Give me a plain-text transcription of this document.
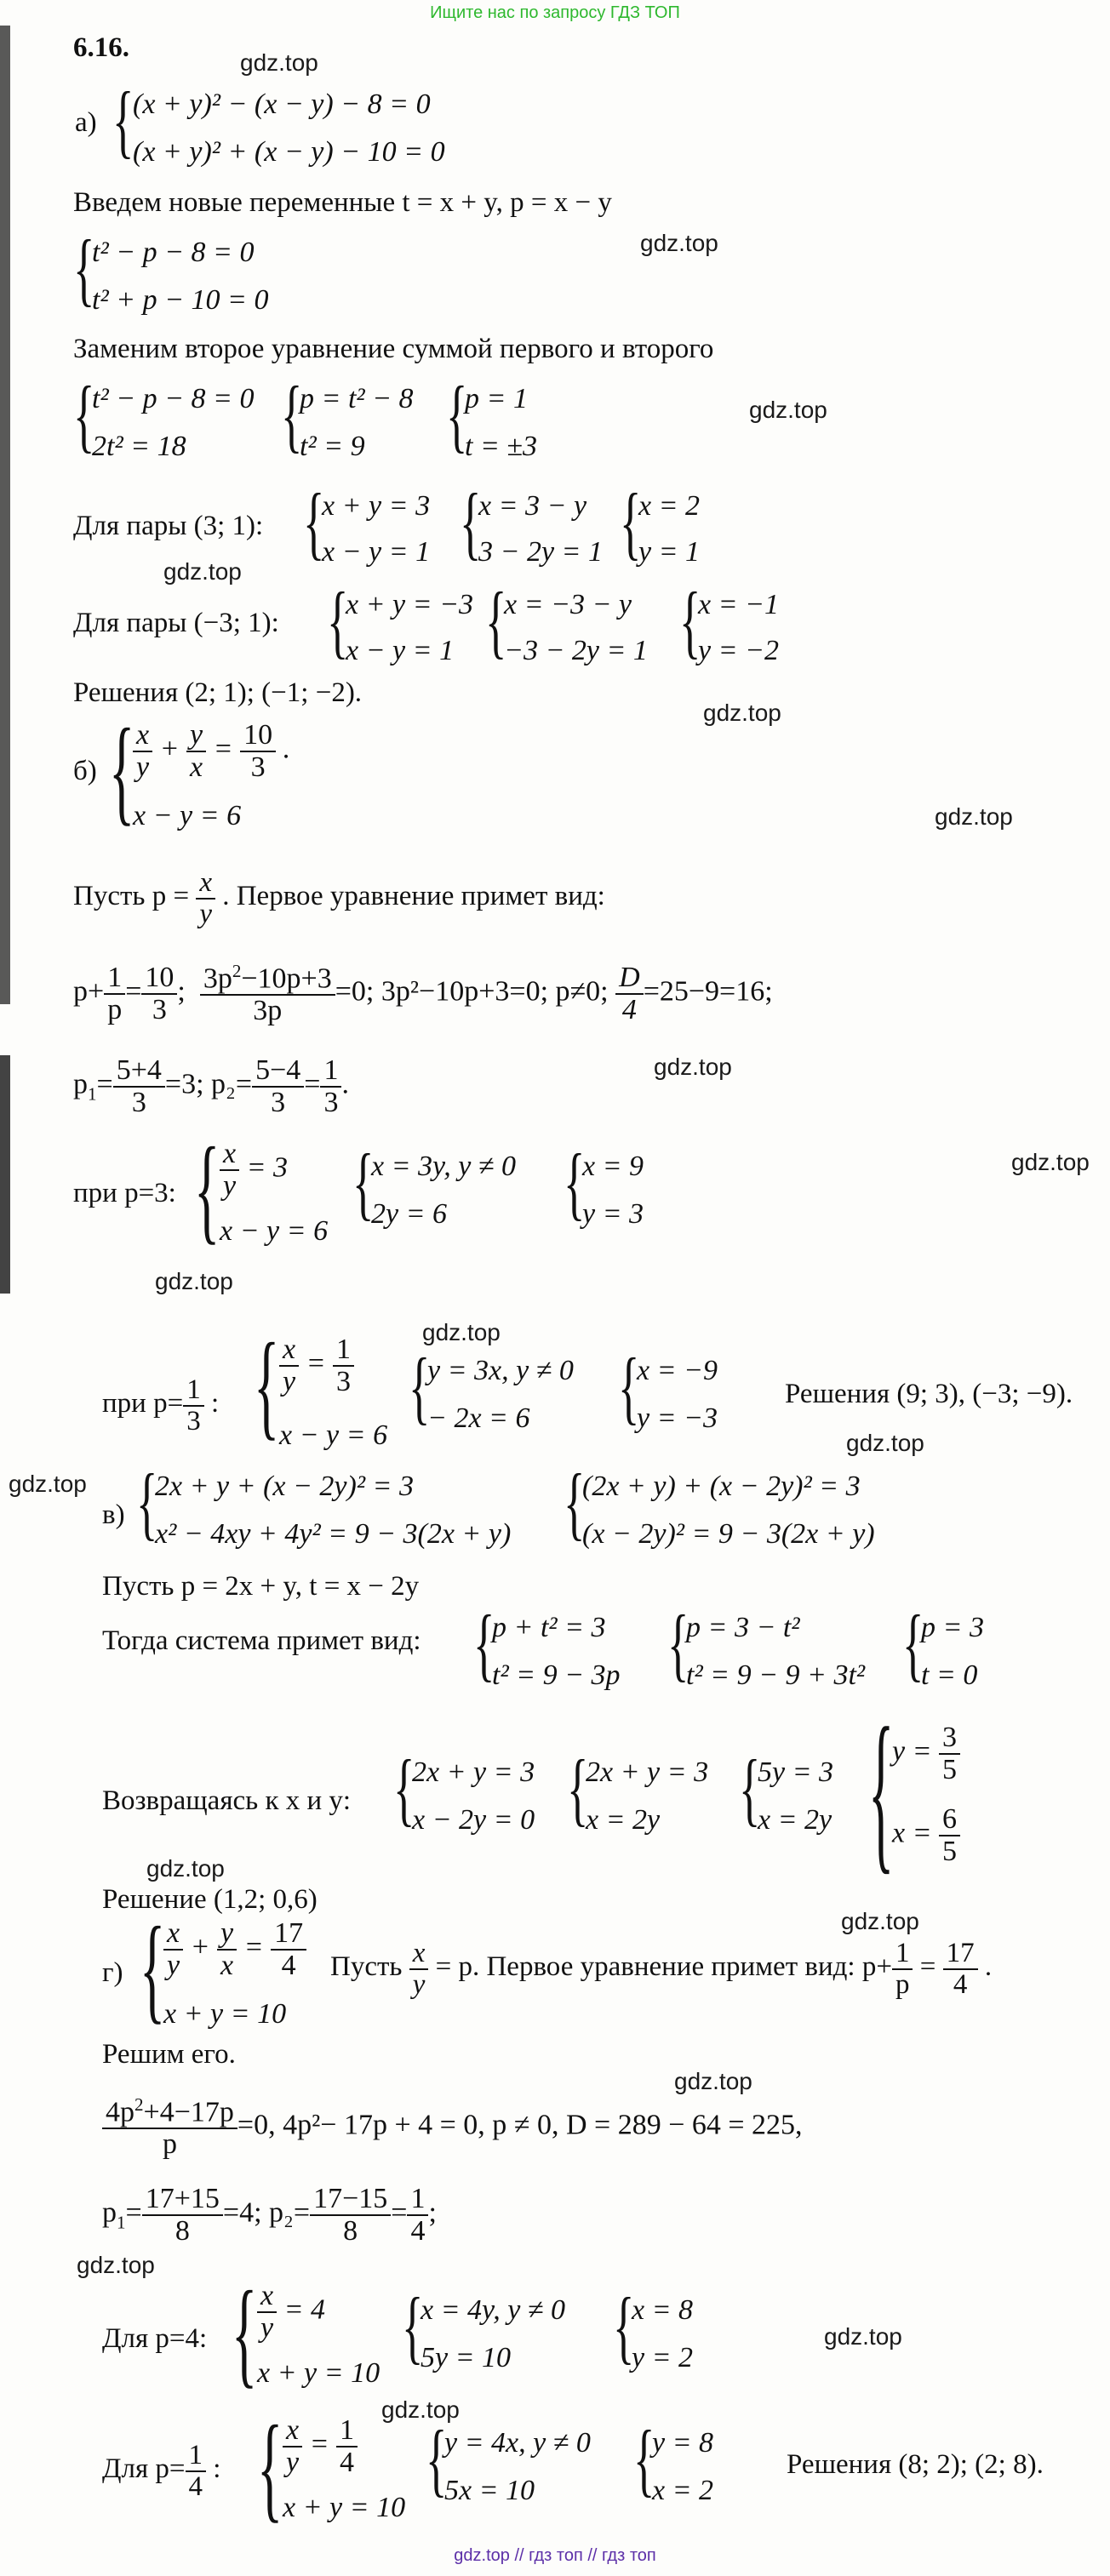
Ищите нас по запросу ГДЗ ТОП
gdz.top
gdz.top
gdz.top
gdz.top
gdz.top
gdz.top
gdz.top
gdz.top
gdz.top
gdz.top
gdz.top
gdz.top
gdz.top
gdz.top
gdz.top
gdz.top
gdz.top
gdz.top
6.16.
а) {
(x + y)² − (x − y) − 8 = 0
(x + y)² + (x − y) − 10 = 0
Введем новые переменные t = x + y, p = x − y
{
t² − p − 8 = 0
t² + p − 10 = 0
Заменим второе уравнение суммой первого и второго
{
t² − p − 8 = 0
2t² = 18 {
p = t² − 8
t² = 9 {
p = 1
t = ±3
Для пары (3; 1): {
x + y = 3
x − y = 1 {
x = 3 − y
3 − 2y = 1 {
x = 2
y = 1
Для пары (−3; 1): {
x + y = −3
x − y = 1 {
x = −3 − y
−3 − 2y = 1 {
x = −1
y = −2
Решения (2; 1); (−1; −2).
б) {
$\frac{x}{y} + \frac{y}{x} = \frac{10}{3}$ .
x − y = 6
Пусть $p = \frac{x}{y}$ . Первое уравнение примет вид:
$p+ \frac{1}{p} = \frac{10}{3}$ ; $\frac{3p^2-10p+3}{3p} =0$; 3p²−10p+3=0; p≠0; $\frac{D}{4} =25-9=16$;
$p_1= \frac{5+4}{3} =3$; $p_2= \frac{5-4}{3} = \frac{1}{3}$ .
при p=3: { $\frac{x}{y} = 3$
x − y = 6
{
x = 3y, y ≠ 0
2y = 6 {
x = 9
y = 3
при $p= \frac{1}{3}$ : { $\frac{x}{y} = \frac{1}{3}$
x − y = 6
{
y = 3x, y ≠ 0
− 2x = 6 {
x = −9
y = −3
Решения (9; 3), (−3; −9).
в) {
2x + y + (x − 2y)² = 3
x² − 4xy + 4y² = 9 − 3(2x + y) {
(2x + y) + (x − 2y)² = 3
(x − 2y)² = 9 − 3(2x + y)
Пусть p = 2x + y, t = x − 2y
Тогда система примет вид: {
p + t² = 3
t² = 9 − 3p {
p = 3 − t²
t² = 9 − 9 + 3t² {
p = 3
t = 0
Возвращаясь к x и y: {
2x + y = 3
x − 2y = 0 {
2x + y = 3
x = 2y {
5y = 3
x = 2y {
$y = \frac{3}{5}$
$x = \frac{6}{5}$
Решение (1,2; 0,6)
г) {
$\frac{x}{y} + \frac{y}{x} = \frac{17}{4}$
x + y = 10
Пусть $\frac{x}{y} = p$. Первое уравнение примет вид: $p+ \frac{1}{p} = \frac{17}{4}$ .
Решим его.
$\frac{4p^2+4-17p}{p} =0$, 4p²− 17p + 4 = 0, p ≠ 0, D = 289 − 64 = 225,
$p_1= \frac{17+15}{8} =4$; $p_2= \frac{17-15}{8} = \frac{1}{4}$ ;
Для p=4: { $\frac{x}{y} = 4$
x + y = 10
{
x = 4y, y ≠ 0
5y = 10 {
x = 8
y = 2
Для $p= \frac{1}{4}$ : { $\frac{x}{y} = \frac{1}{4}$
x + y = 10
{
y = 4x, y ≠ 0
5x = 10 {
y = 8
x = 2
Решения (8; 2); (2; 8).
gdz.top // гдз топ // гдз топ
